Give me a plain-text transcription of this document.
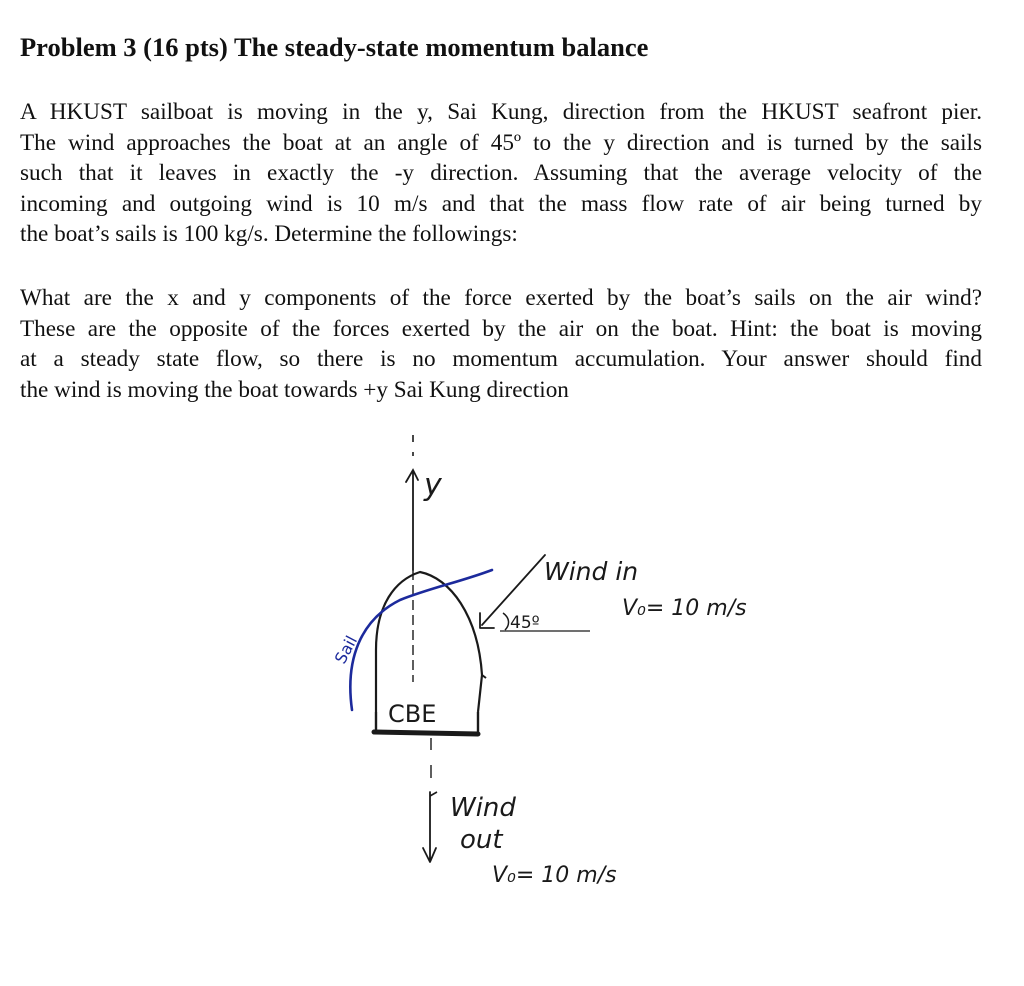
Problem 3 (16 pts) The steady-state momentum balance
A HKUST sailboat is moving in the y, Sai Kung, direction from the HKUST seafront pier.
The wind approaches the boat at an angle of 45º to the y direction and is turned by the sails
such that it leaves in exactly the -y direction. Assuming that the average velocity of the
incoming and outgoing wind is 10 m/s and that the mass flow rate of air being turned by
the boat’s sails is 100 kg/s. Determine the followings:
What are the x and y components of the force exerted by the boat’s sails on the air wind?
These are the opposite of the forces exerted by the air on the boat. Hint: the boat is moving
at a steady state flow, so there is no momentum accumulation. Your answer should find
the wind is moving the boat towards +y Sai Kung direction
y
CBE
Sail
45º
Wind in
V₀= 10 m/s
Wind
out
V₀= 10 m/s
